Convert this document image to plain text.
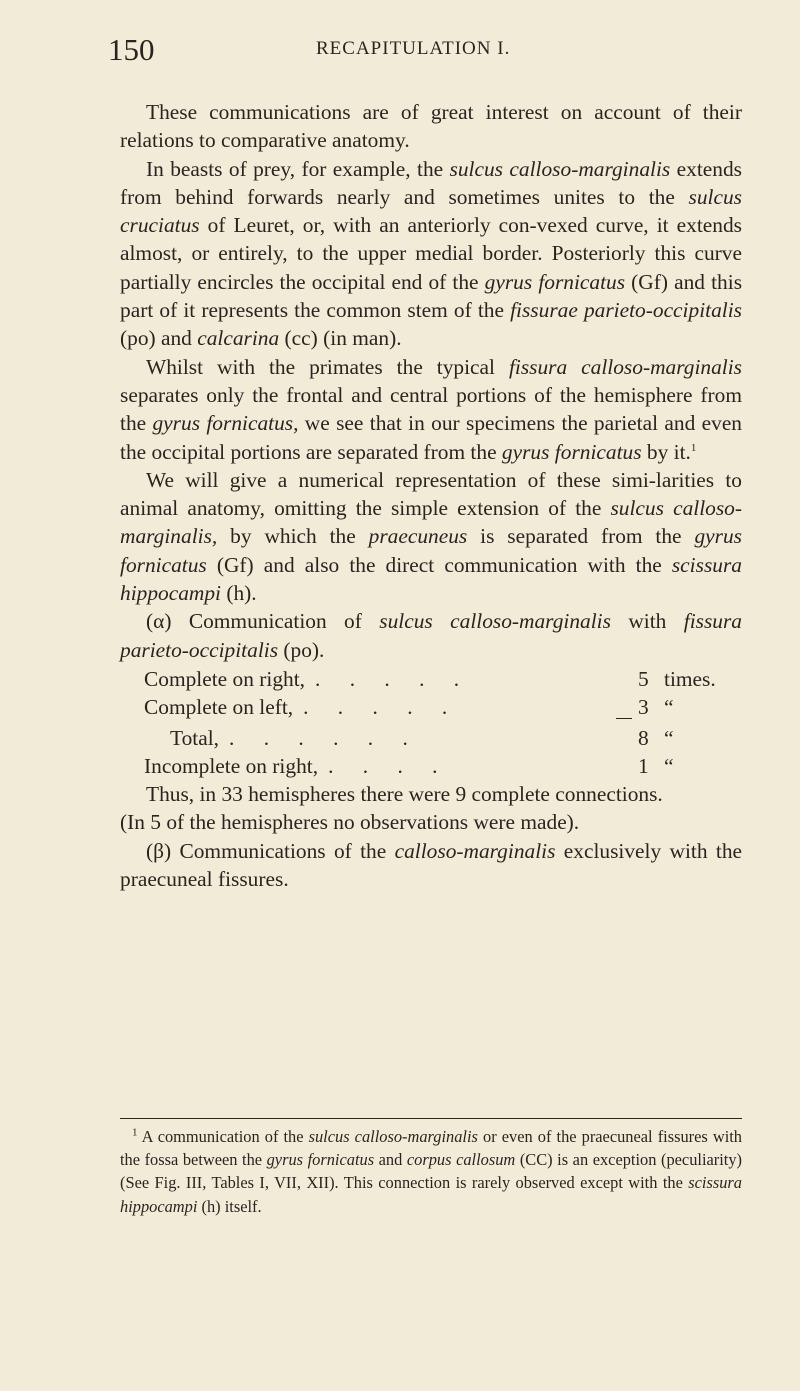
150	RECAPITULATION I.

These communications are of great interest on account of their relations to comparative anatomy.

In beasts of prey, for example, the sulcus calloso-marginalis extends from behind forwards nearly and sometimes unites to the sulcus cruciatus of Leuret, or, with an anteriorly con-vexed curve, it extends almost, or entirely, to the upper medial border. Posteriorly this curve partially encircles the occipital end of the gyrus fornicatus (Gf) and this part of it represents the common stem of the fissurae parieto-occipitalis (po) and calcarina (cc) (in man).

Whilst with the primates the typical fissura calloso-marginalis separates only the frontal and central portions of the hemisphere from the gyrus fornicatus, we see that in our specimens the parietal and even the occipital portions are separated from the gyrus fornicatus by it.$^1$

We will give a numerical representation of these simi-larities to animal anatomy, omitting the simple extension of the sulcus calloso-marginalis, by which the praecuneus is separated from the gyrus fornicatus (Gf) and also the direct communication with the scissura hippocampi (h).

(α) Communication of sulcus calloso-marginalis with fissura parieto-occipitalis (po).

Complete on right, . . . . .	5 times.
Complete on left, . . . . .	3 “
Total, . . . . . .	8 “
Incomplete on right, . . . .	1 “

Thus, in 33 hemispheres there were 9 complete connections.

(In 5 of the hemispheres no observations were made).

(β) Communications of the calloso-marginalis exclusively with the praecuneal fissures.

$^1$ A communication of the sulcus calloso-marginalis or even of the praecuneal fissures with the fossa between the gyrus fornicatus and corpus callosum (CC) is an exception (peculiarity) (See Fig. III, Tables I, VII, XII). This connection is rarely observed except with the scissura hippocampi (h) itself.
